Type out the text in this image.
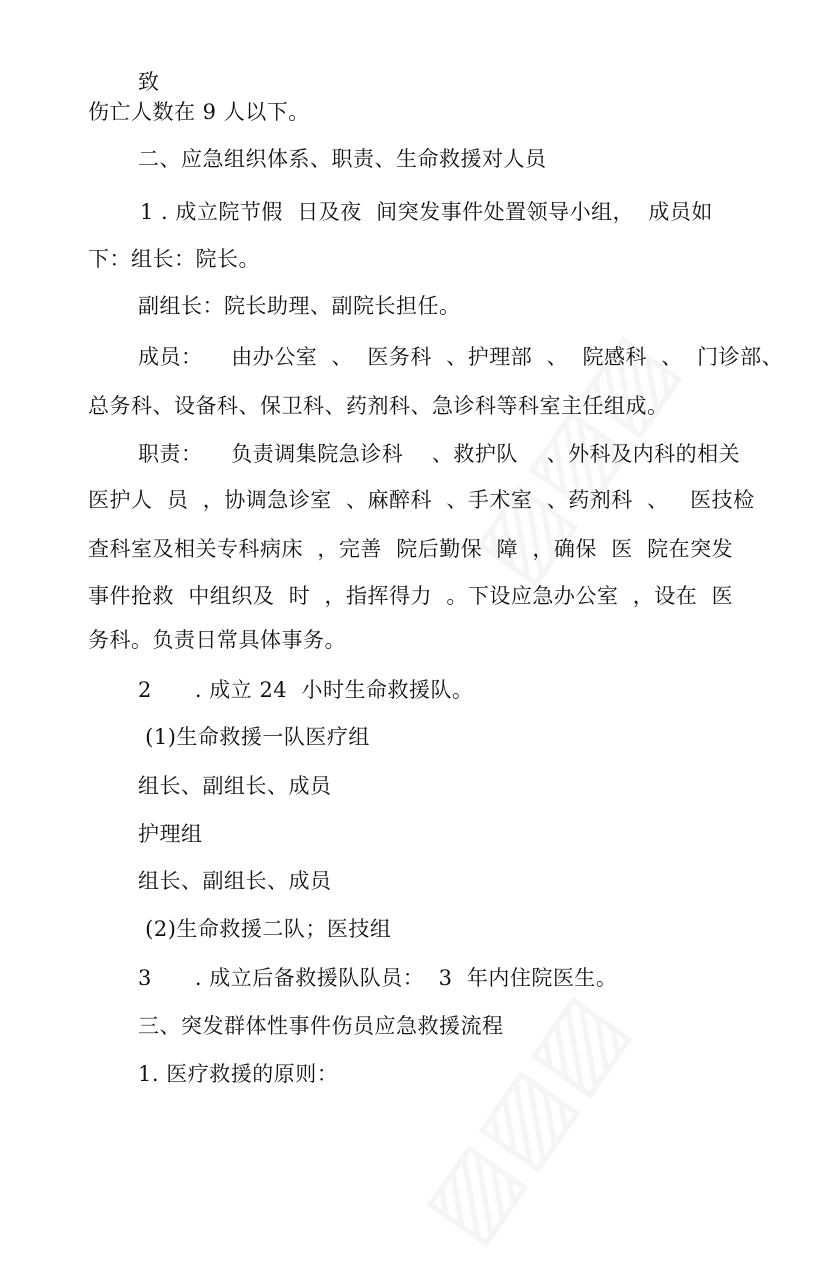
致
伤亡人数在 9 人以下。
二、应急组织体系、职责、生命救援对人员
1 . 成立院节假  日及夜  间突发事件处置领导小组，  成员如
下：组长：院长。
副组长：院长助理、副院长担任。
成员：    由办公室  、  医务科  、护理部  、  院感科  、  门诊部、
总务科、设备科、保卫科、药剂科、急诊科等科室主任组成。
职责：    负责调集院急诊科    、救护队    、外科及内科的相关
医护人  员  ，协调急诊室  、麻醉科  、手术室  、药剂科  、   医技检
查科室及相关专科病床  ，完善  院后勤保  障  ，确保  医  院在突发
事件抢救  中组织及  时  ，指挥得力  。下设应急办公室  ，设在  医
务科。负责日常具体事务。
2      . 成立 24  小时生命救援队。
(1)生命救援一队医疗组
组长、副组长、成员
护理组
组长、副组长、成员
(2)生命救援二队；医技组
3      . 成立后备救援队队员：  3  年内住院医生。
三、突发群体性事件伤员应急救援流程
1. 医疗救援的原则：
